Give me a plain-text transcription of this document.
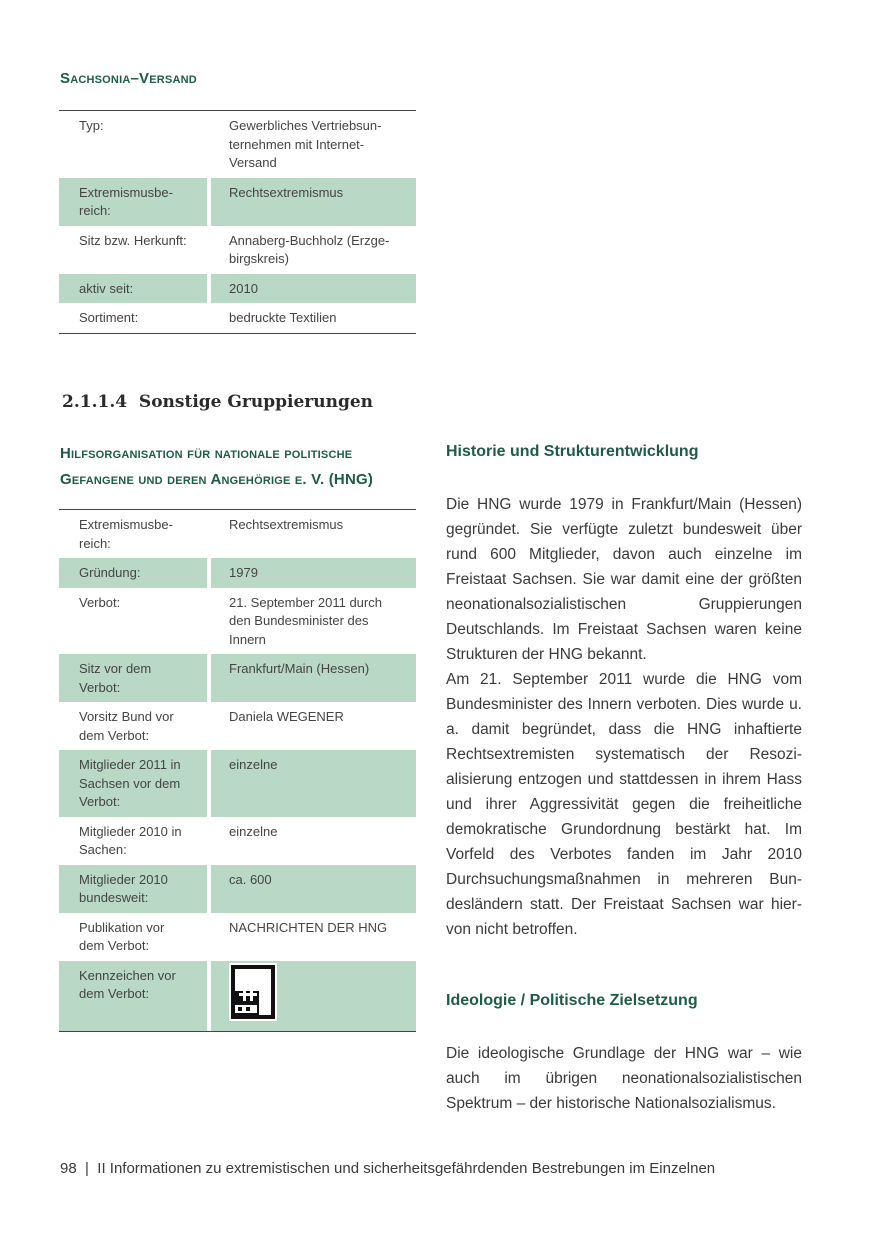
Sachsonia–Versand
Typ:	Gewerbliches Vertriebsun-
ternehmen mit Internet-
Versand
Extremismusbe-
reich:	Rechtsextremismus
Sitz bzw. Herkunft:	Annaberg-Buchholz (Erzge-
birgskreis)
aktiv seit:	2010
Sortiment:	bedruckte Textilien
2.1.1.4 Sonstige Gruppierungen
Hilfsorganisation für nationale politische
Gefangene und deren Angehörige e. V. (HNG)
Extremismusbe-
reich:	Rechtsextremismus
Gründung:	1979
Verbot:	21. September 2011 durch
den Bundesminister des
Innern
Sitz vor dem
Verbot:	Frankfurt/Main (Hessen)
Vorsitz Bund vor
dem Verbot:	Daniela WEGENER
Mitglieder 2011 in
Sachsen vor dem
Verbot:	einzelne
Mitglieder 2010 in
Sachen:	einzelne
Mitglieder 2010
bundesweit:	ca. 600
Publikation vor
dem Verbot:	NACHRICHTEN DER HNG
Kennzeichen vor
dem Verbot:	
Historie und Strukturentwicklung

Die HNG wurde 1979 in Frankfurt/Main (Hessen) gegründet. Sie verfügte zuletzt bundesweit über rund 600 Mitglieder, davon auch einzelne im Freistaat Sachsen. Sie war damit eine der größten neonationalsozialistischen Gruppierungen Deutschlands. Im Freistaat Sachsen waren keine Strukturen der HNG bekannt.

Am 21. September 2011 wurde die HNG vom Bundesminister des Innern verboten. Dies wurde u. a. damit begründet, dass die HNG inhaftierte Rechtsextremisten systematisch der Resozialisierung entzogen und stattdessen in ihrem Hass und ihrer Aggressivität gegen die freiheitliche demokratische Grundordnung bestärkt hat. Im Vorfeld des Verbotes fanden im Jahr 2010 Durchsuchungsmaßnahmen in mehreren Bundesländern statt. Der Freistaat Sachsen war hiervon nicht betroffen.

Ideologie / Politische Zielsetzung

Die ideologische Grundlage der HNG war – wie auch im übrigen neonationalsozialistischen Spektrum – der historische Nationalsozialismus.

98 | II Informationen zu extremistischen und sicherheitsgefährdenden Bestrebungen im Einzelnen
